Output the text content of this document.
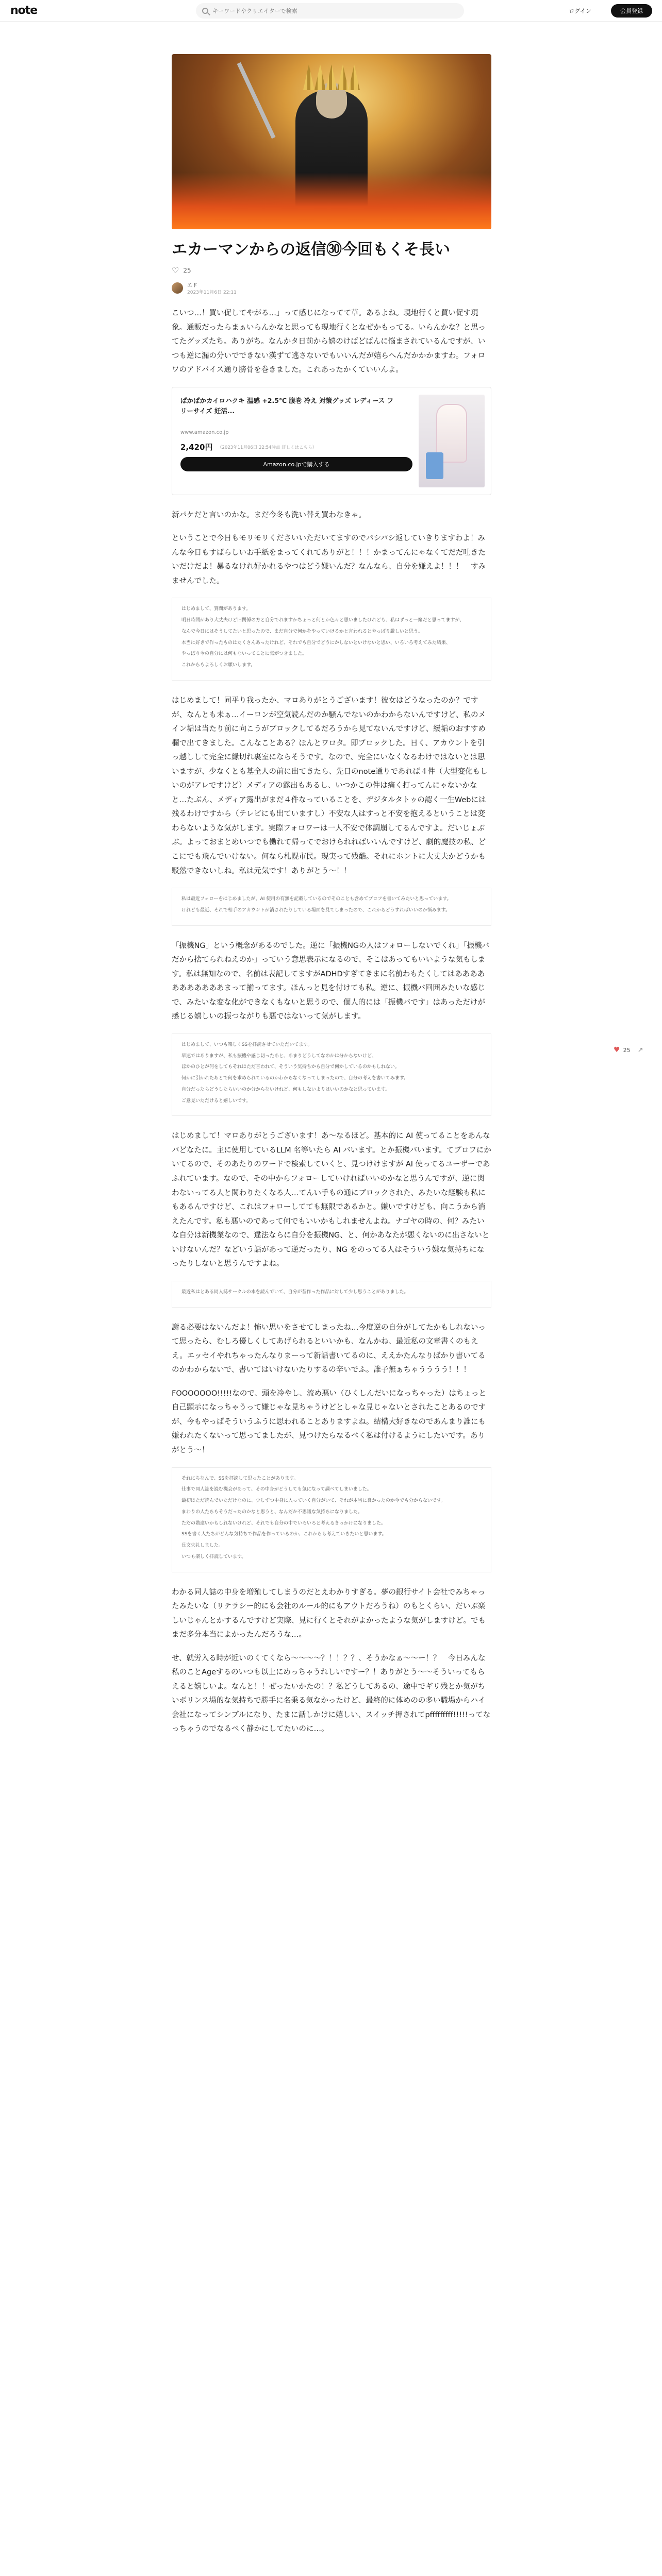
note
キーワードやクリエイターで検索	ログイン	会員登録
エカーマンからの返信㉚今回もくそ長い
♡ 25
エド
2023年11月6日 22:11

こいつ…！買い促してやがる…」って感じになってて草。あるよね。現地行くと買い促す現象。通販だったらまぁいらんかなと思っても現地行くとなぜかもってる。いらんかな？と思ってたグッズたち。ありがち。なんかタ日前から嬉のけばどばんに悩まされているんですが、いつも逆に漏の分いでできない漢ずて逃さないでもいいんだが嬉らへんだかかかますわ。フォロワのアドバイス通り膀骨を巻きました。これあったかくていいんよ。

ぱかぱかカイロハクキ 温感 +2.5℃ 腹巻 冷え 対策グッズ レディース フリーサイズ 妊活...
www.amazon.co.jp
2,420円 （2023年11月06日 22:54時点 詳しくはこちら）
Amazon.co.jpで購入する

新パケだと言いのかな。まだ今冬も洗い替え買わなきゃ。

ということで今日もモリモリくださいいただいてますのでパシパシ返していきりますわよ！みんな今日もすばらしいお手紙をまってくれてありがと！！！かまってんにゃなくてだだ吐きたいだけだよ！暴るなけれ好かれるやつはどう嫌いんだ？なんなら、自分を嫌えよ！！！　すみませんでした。

はじめまして、質問があります。

明日時間があり大丈夫けど旧関係の方と自分でれますかちょっと何とか色々と思いましたけれども、私はずっと一緒だと思ってますが、

なんで今日にはそうしてたいと思ったので、まだ自分で何かをやっていけるかと言われるとやっぱり厳しいと思う。

本当に好きで作ったものはたくさんあったけれど、それでも自分でどうにかしないといけないと思い、いろいろ考えてみた結果、

やっぱり今の自分には何もないってことに気がつきました。

これからもよろしくお願いします。

はじめまして！同平り我ったか、マロありがとうございます！彼女はどうなったのか？ですが、なんとも未ぁ…イーロンが空気読んだのか騒んでないのかわからないんですけど、私のメイン垢は当たり前に向こうがブロックしてるだろうから見てないんですけど、緩垢のおすすめ欄で出てきました。こんなことある？ほんとワロタ。即ブロックした。日く、アカウントを引っ越しして完全に縁切れ裏室にならそうです。なので、完全にいなくなるわけではないとは思いますが、少なくとも基全人の前に出てきたら、先日のnote通りであれば４件（大型変化もしいのがアレですけど）メディアの露出もあるし、いつかこの件は痛く打ってんにゃないかなと…たぶん、メディア露出がまだ４件なっていることを、デジタルタトゥの認く一生Webには残るわけですから（テレビにも出ていますし）不安な人はすっと不安を抱えるということは変わらないような気がします。実際フォロワーは一人不安で体調崩してるんですよ。だいじょぶぶ。よっておまとめいつでも働れて帰ってでおけられればいいんですけど、劇的魔技の私、どこにでも飛んでいけない。何なら札幌市民。現実って残酷。それにホントに大丈夫かどうかも駁然できないしね。私は元気です！ありがとう～！！

私は最近フォローをはじめましたが、AI 使用の有無を記載しているのでそのことも含めてプロフを書いてみたいと思っています。

けれども最近、それで相手のアカウントが消されたりしている場面を見てしまったので、これからどうすればいいのか悩みます。

「振機NG」という概念があるのでした。逆に「振機NGの人はフォローしないでくれ」「振機バだから捨てられねえのか」っていう意思表示になるので、そこはあってもいいような気もします。私は無知なので、名前は表記してますがADHDすぎてきまに名前わもたくしてはあああああああああああまって揃ってます。ほんっと見を付けても私。逆に、振機バ回囲みたいな感じで、みたいな変な化ができなくもないと思うので、個人的には「振機バです」はあっただけが感じる嬉しいの振つながりも悪ではないって気がします。

はじめまして、いつも楽しくSSを拝読させていただいてます。

早速ではありますが、私も振機や感じ切ったあと、あまりどうしてなのかは分からないけど、

ほかのひとが何をしてもそれはただ言われて、そういう気持ちから自分で何かしているのかもしれない。

何かに引かれたあとで何を求められているのかわからなくなってしまったので、自分の考えを書いてみます。

自分だったらどうしたらいいのか分からないけれど、何もしないよりはいいのかなと思っています。

ご意見いただけると嬉しいです。

はじめまして！マロありがとうございます！あ〜なるほど。基本的に AI 使ってることをあんなバどなたに。主に使用しているLLM 名等いたら AI バいます。とか振機バいます。てプロフにかいてるので、そのあたりのワードで検索していくと、見つけけますが AI 使ってるユーザーであふれています。なので、その中からフォローしていければいいのかなと思うんですが、逆に関わないってる人と関わりたくなる人…てんい手もの通にブロックされた、みたいな経験も私にもあるんですけど、これはフォローしてても無限であるかと。嫌いですけども、向こうから消えたんです。私も悪いのであって何でもいいかもしれませんよね。ナゴヤの時の、何？みたいな自分は新機業なので、違法ならに自分を振機NG、と、何かあなたが悪くないのに出さないといけないんだ？などいう話があって逆だったり、NG をのってる人はそういう嫌な気持ちになったりしないと思うんですよね。

最近私はとある同人誌サークルの本を読んでいて、自分が昔作った作品に対して少し思うことがありました。

謝る必要はないんだよ！怖い思いをさせてしまったね…今度逆の自分がしてたかもしれないって思ったら、むしろ優しくしてあげられるといいかも、なんかね、最近私の文章書くのもええ。エッセイやれちゃったんなりまーって新話書いてるのに、ええかたんなりばかり書いてるのかわからないで、書いてはいけないたりするの辛いでふ。誰子無ぁちゃうううう！！！

FOOOOOOO!!!!!なので、頭を冷やし、流め悪い（ひくしんだいになっちゃった）はちょっと自己顕示になっちゃうって嫌じゃな見ちゃうけどとしゃな見じゃないとされたことあるのですが、今もやっぱそういうふうに思われることありますよね。結構大好きなのであんまり誰にも嫌われたくないって思ってましたが、見つけたらなるべく私は付けるようにしたいです。ありがとう〜！

それにちなんで、SSを拝読して思ったことがあります。

仕事で同人誌を読む機会があって、その中身がどうしても気になって調べてしまいました。

最初はただ読んでいただけなのに、少しずつ中身に入っていく自分がいて、それが本当に良かったのか今でも分からないです。

まわりの人たちもそうだったのかなと思うと、なんだか不思議な気持ちになりました。

ただの勘違いかもしれないけれど、それでも自分の中でいろいろと考えるきっかけになりました。

SSを書く人たちがどんな気持ちで作品を作っているのか、これからも考えていきたいと思います。

長文失礼しました。

いつも楽しく拝読しています。

わかる同人誌の中身を増殖してしまうのだとえわかりすぎる。夢の銀行サイト会社でみちゃったみたいな（リテラシー的にも会社のルール的にもアウトだろうね）のもとくらい、だいぶ楽しいじゃんとかするんですけど実際、見に行くとそれがよかったような気がしますけど。でもまだ多分本当によかったんだろうな…。

せ、就労入る時が近いのくてくなら〜〜〜〜？！！？？、そうかなぁ〜〜ー！？　今日みんな私のことAgeするのいつも以上にめっちゃうれしいですー？！ありがとう〜〜そういってもらえると嬉しいよ。なんと！！ぜったいかたの！？私どうしてあるの、途中でギリ残とか気がちいボリンス場的な気持ちで勝手に名乗る気なかったけど、最終的に体めのの多い職場からハイ会社になってシンプルになり、たまに話しかけに嬉しい、スイッチ押されてpfffffffff!!!!!ってなっちゃうのでなるべく静かにしてたいのに…。

♥ 25 ↗
